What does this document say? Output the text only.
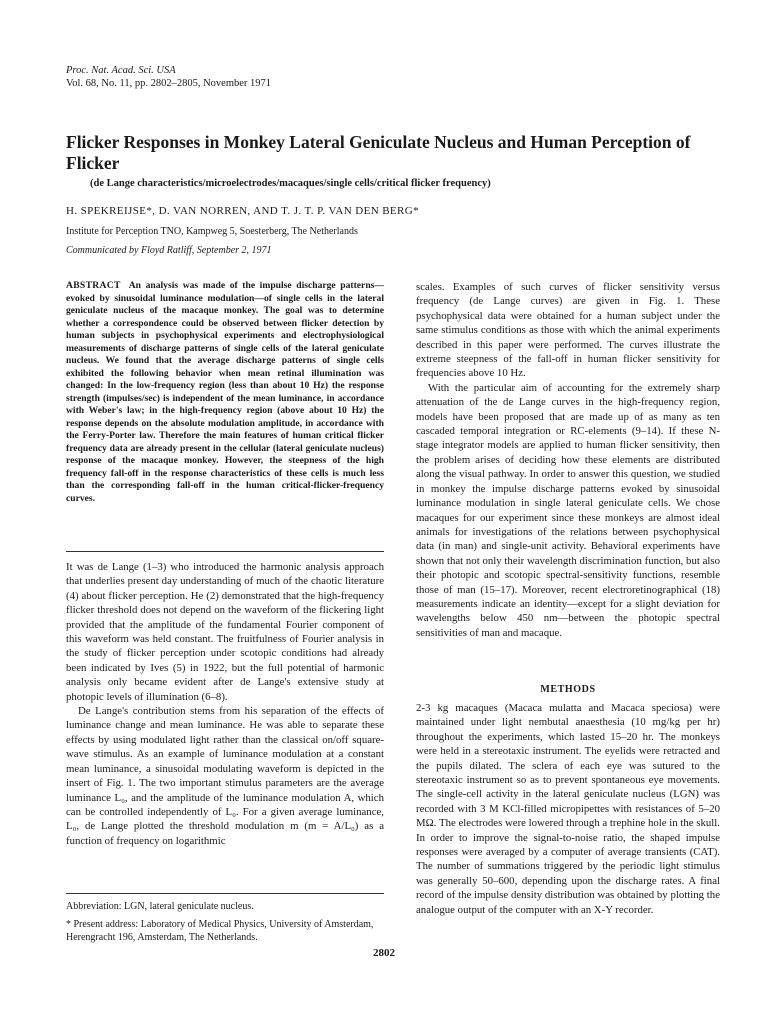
Proc. Nat. Acad. Sci. USA
Vol. 68, No. 11, pp. 2802–2805, November 1971
Flicker Responses in Monkey Lateral Geniculate Nucleus and Human Perception of Flicker
(de Lange characteristics/microelectrodes/macaques/single cells/critical flicker frequency)
H. SPEKREIJSE*, D. VAN NORREN, AND T. J. T. P. VAN DEN BERG*
Institute for Perception TNO, Kampweg 5, Soesterberg, The Netherlands
Communicated by Floyd Ratliff, September 2, 1971
ABSTRACT An analysis was made of the impulse discharge patterns—evoked by sinusoidal luminance modulation—of single cells in the lateral geniculate nucleus of the macaque monkey. The goal was to determine whether a correspondence could be observed between flicker detection by human subjects in psychophysical experiments and electrophysiological measurements of discharge patterns of single cells of the lateral geniculate nucleus. We found that the average discharge patterns of single cells exhibited the following behavior when mean retinal illumination was changed: In the low-frequency region (less than about 10 Hz) the response strength (impulses/sec) is independent of the mean luminance, in accordance with Weber's law; in the high-frequency region (above about 10 Hz) the response depends on the absolute modulation amplitude, in accordance with the Ferry-Porter law. Therefore the main features of human critical flicker frequency data are already present in the cellular (lateral geniculate nucleus) response of the macaque monkey. However, the steepness of the high frequency fall-off in the response characteristics of these cells is much less than the corresponding fall-off in the human critical-flicker-frequency curves.

It was de Lange (1–3) who introduced the harmonic analysis approach that underlies present day understanding of much of the chaotic literature (4) about flicker perception. He (2) demonstrated that the high-frequency flicker threshold does not depend on the waveform of the flickering light provided that the amplitude of the fundamental Fourier component of this waveform was held constant. The fruitfulness of Fourier analysis in the study of flicker perception under scotopic conditions had already been indicated by Ives (5) in 1922, but the full potential of harmonic analysis only became evident after de Lange's extensive study at photopic levels of illumination (6–8).

De Lange's contribution stems from his separation of the effects of luminance change and mean luminance. He was able to separate these effects by using modulated light rather than the classical on/off square-wave stimulus. As an example of luminance modulation at a constant mean luminance, a sinusoidal modulating waveform is depicted in the insert of Fig. 1. The two important stimulus parameters are the average luminance L₀, and the amplitude of the luminance modulation A, which can be controlled independently of L₀. For a given average luminance, L₀, de Lange plotted the threshold modulation m (m = A/L₀) as a function of frequency on logarithmic

scales. Examples of such curves of flicker sensitivity versus frequency (de Lange curves) are given in Fig. 1. These psychophysical data were obtained for a human subject under the same stimulus conditions as those with which the animal experiments described in this paper were performed. The curves illustrate the extreme steepness of the fall-off in human flicker sensitivity for frequencies above 10 Hz.

With the particular aim of accounting for the extremely sharp attenuation of the de Lange curves in the high-frequency region, models have been proposed that are made up of as many as ten cascaded temporal integration or RC-elements (9–14). If these N-stage integrator models are applied to human flicker sensitivity, then the problem arises of deciding how these elements are distributed along the visual pathway. In order to answer this question, we studied in monkey the impulse discharge patterns evoked by sinusoidal luminance modulation in single lateral geniculate cells. We chose macaques for our experiment since these monkeys are almost ideal animals for investigations of the relations between psychophysical data (in man) and single-unit activity. Behavioral experiments have shown that not only their wavelength discrimination function, but also their photopic and scotopic spectral-sensitivity functions, resemble those of man (15–17). Moreover, recent electroretinographical (18) measurements indicate an identity—except for a slight deviation for wavelengths below 450 nm—between the photopic spectral sensitivities of man and macaque.

METHODS

2-3 kg macaques (Macaca mulatta and Macaca speciosa) were maintained under light nembutal anaesthesia (10 mg/kg per hr) throughout the experiments, which lasted 15–20 hr. The monkeys were held in a stereotaxic instrument. The eyelids were retracted and the pupils dilated. The sclera of each eye was sutured to the stereotaxic instrument so as to prevent spontaneous eye movements. The single-cell activity in the lateral geniculate nucleus (LGN) was recorded with 3 M KCl-filled micropipettes with resistances of 5–20 MΩ. The electrodes were lowered through a trephine hole in the skull. In order to improve the signal-to-noise ratio, the shaped impulse responses were averaged by a computer of average transients (CAT). The number of summations triggered by the periodic light stimulus was generally 50–600, depending upon the discharge rates. A final record of the impulse density distribution was obtained by plotting the analogue output of the computer with an X-Y recorder.

Abbreviation: LGN, lateral geniculate nucleus.

* Present address: Laboratory of Medical Physics, University of Amsterdam, Herengracht 196, Amsterdam, The Netherlands.

2802
